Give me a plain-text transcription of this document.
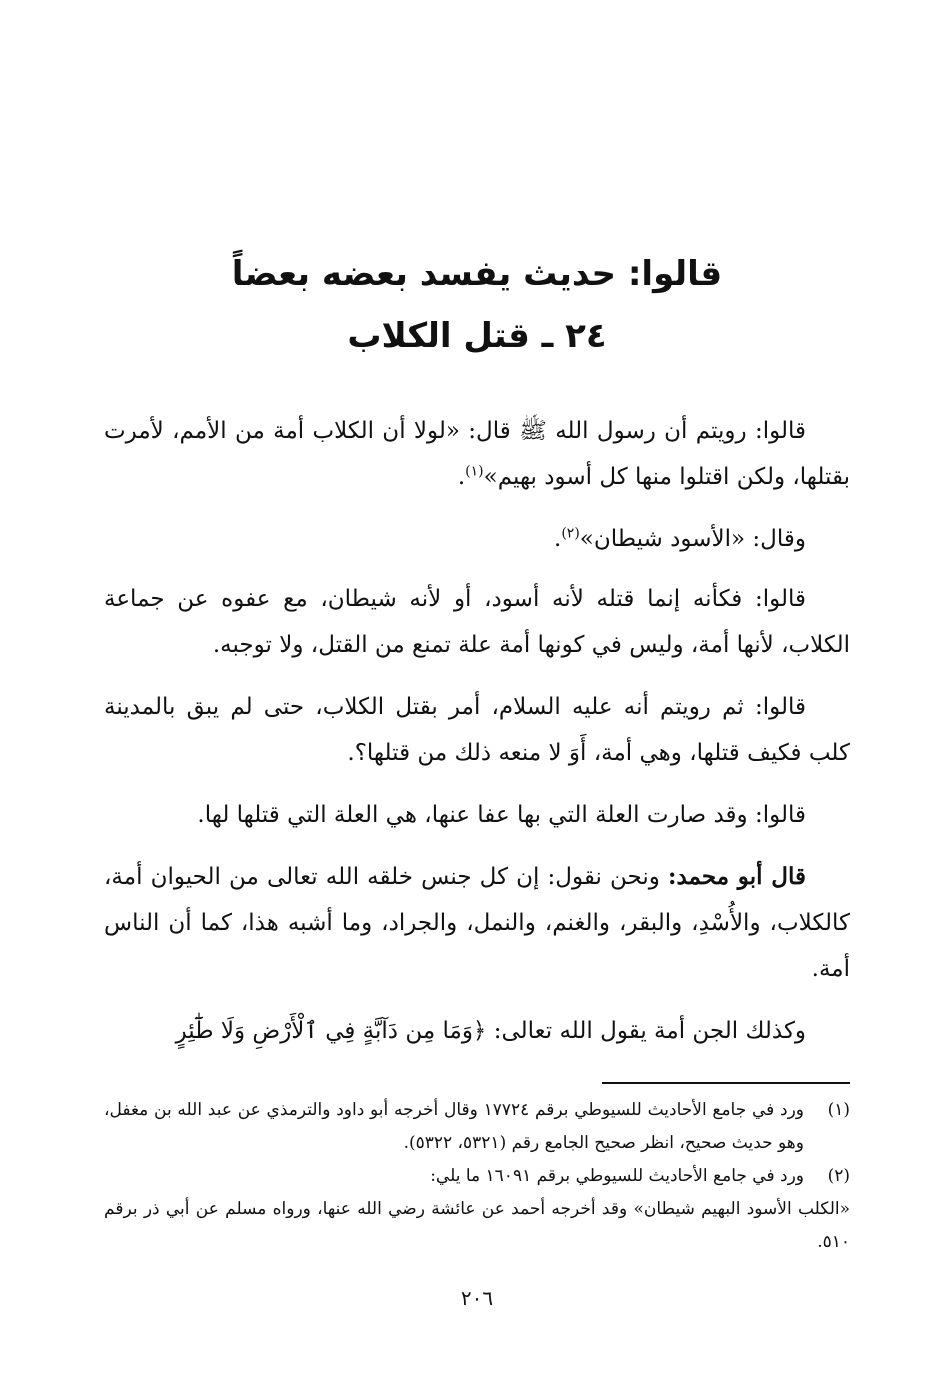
قالوا: حديث يفسد بعضه بعضاً
٢٤ ـ قتل الكلاب

قالوا: رويتم أن رسول الله ﷺ قال: «لولا أن الكلاب أمة من الأمم، لأمرت بقتلها، ولكن اقتلوا منها كل أسود بهيم»$^{(١)}$.

وقال: «الأسود شيطان»$^{(٢)}$.

قالوا: فكأنه إنما قتله لأنه أسود، أو لأنه شيطان، مع عفوه عن جماعة الكلاب، لأنها أمة، وليس في كونها أمة علة تمنع من القتل، ولا توجبه.

قالوا: ثم رويتم أنه عليه السلام، أمر بقتل الكلاب، حتى لم يبق بالمدينة كلب فكيف قتلها، وهي أمة، أَوَ لا منعه ذلك من قتلها؟.

قالوا: وقد صارت العلة التي بها عفا عنها، هي العلة التي قتلها لها.

قال أبو محمد: ونحن نقول: إن كل جنس خلقه الله تعالى من الحيوان أمة، كالكلاب، والأُسْدِ، والبقر، والغنم، والنمل، والجراد، وما أشبه هذا، كما أن الناس أمة.

وكذلك الجن أمة يقول الله تعالى: ﴿وَمَا مِن دَآبَّةٍ فِي ٱلْأَرْضِ وَلَا طَٰٓئِرٍ

(١)
ورد في جامع الأحاديث للسيوطي برقم ١٧٧٢٤ وقال أخرجه أبو داود والترمذي عن عبد الله بن مغفل، وهو حديث صحيح، انظر صحيح الجامع رقم (٥٣٢١، ٥٣٢٢).
(٢)
ورد في جامع الأحاديث للسيوطي برقم ١٦٠٩١ ما يلي:
«الكلب الأسود البهيم شيطان» وقد أخرجه أحمد عن عائشة رضي الله عنها، ورواه مسلم عن أبي ذر برقم ٥١٠.
٢٠٦
